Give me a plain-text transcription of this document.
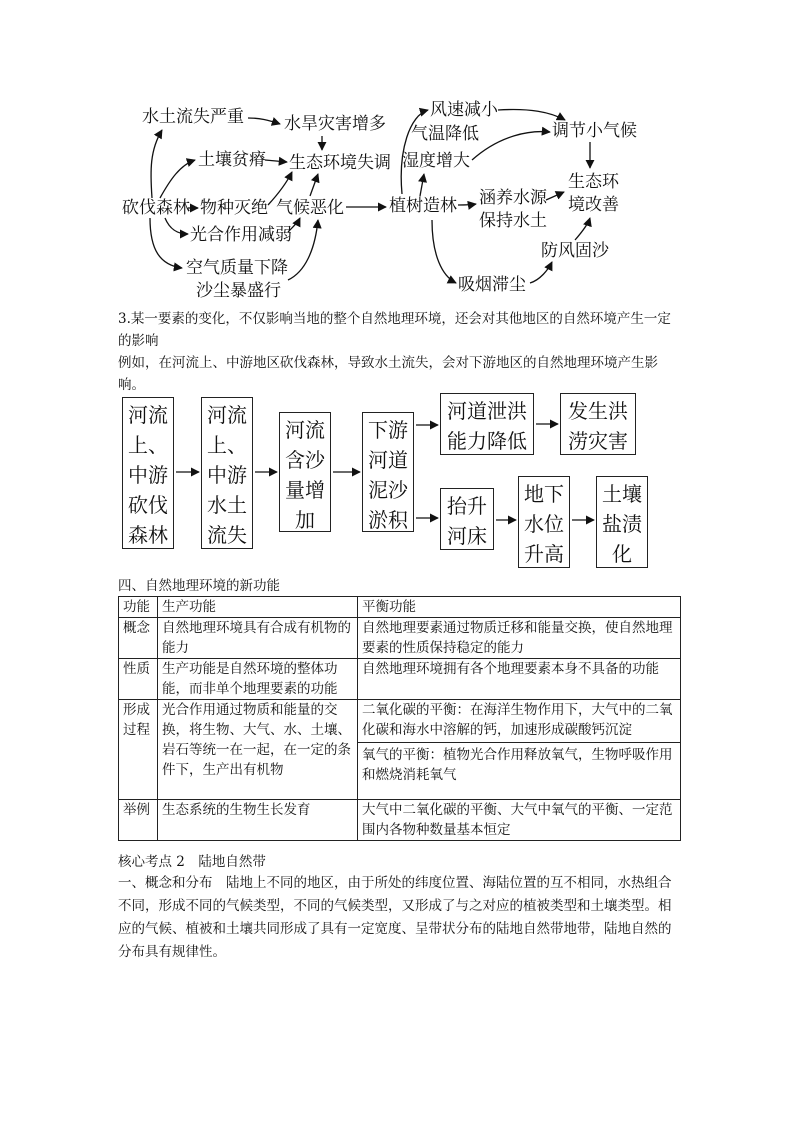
水土流失严重
土壤贫瘠
砍伐森林 物种灭绝
光合作用减弱
空气质量下降
沙尘暴盛行
水旱灾害增多
生态环境失调
气候恶化	植树造林
风速减小
气温降低
湿度增大
调节小气候
涵养水源
保持水土
生态环
境改善
防风固沙
吸烟滞尘
3.某一要素的变化，不仅影响当地的整个自然地理环境，还会对其他地区的自然环境产生一定的影响
例如，在河流上、中游地区砍伐森林，导致水土流失，会对下游地区的自然地理环境产生影响。
河流
上、
中游
砍伐
森林
河流
上、
中游
水土
流失
河流
含沙
量增
加
下游
河道
泥沙
淤积
河道泄洪
能力降低
发生洪
涝灾害
抬升
河床
地下
水位
升高
土壤
盐渍
化
四、自然地理环境的新功能
功能	生产功能	平衡功能
概念	自然地理环境具有合成有机物的能力	自然地理要素通过物质迁移和能量交换，使自然地理要素的性质保持稳定的能力
性质	生产功能是自然环境的整体功能，而非单个地理要素的功能	自然地理环境拥有各个地理要素本身不具备的功能
形成过程	光合作用通过物质和能量的交换，将生物、大气、水、土壤、岩石等统一在一起，在一定的条件下，生产出有机物	二氧化碳的平衡：在海洋生物作用下，大气中的二氧化碳和海水中溶解的钙，加速形成碳酸钙沉淀
氧气的平衡：植物光合作用释放氧气，生物呼吸作用和燃烧消耗氧气

举例	生态系统的生物生长发育	大气中二氧化碳的平衡、大气中氧气的平衡、一定范围内各物种数量基本恒定
核心考点 2　陆地自然带
一、概念和分布　陆地上不同的地区，由于所处的纬度位置、海陆位置的互不相同，水热组合不同，形成不同的气候类型，不同的气候类型，又形成了与之对应的植被类型和土壤类型。相应的气候、植被和土壤共同形成了具有一定宽度、呈带状分布的陆地自然带地带，陆地自然的分布具有规律性。
